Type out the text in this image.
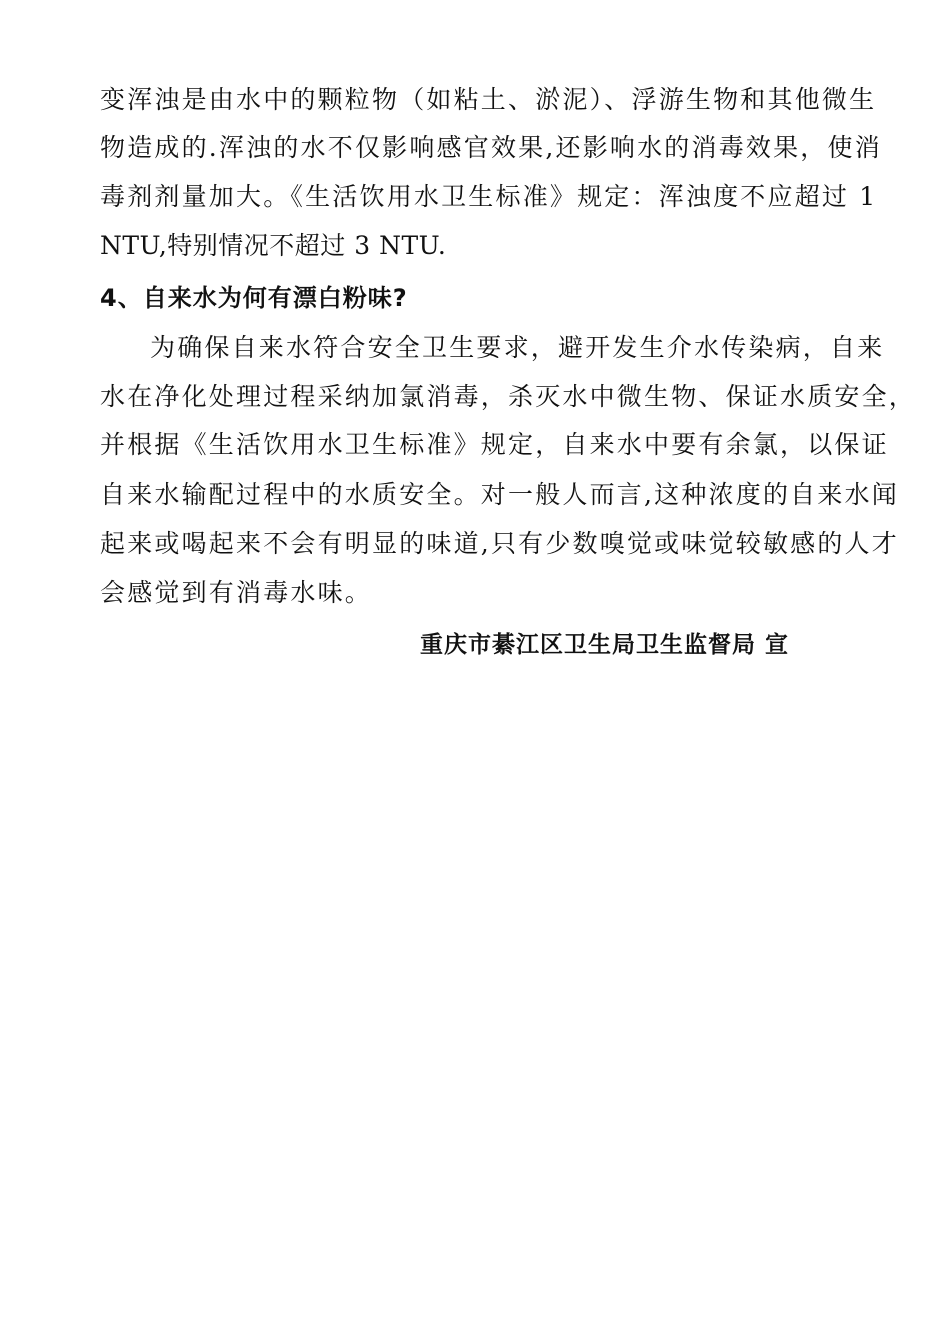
变浑浊是由水中的颗粒物（如粘土、淤泥）、浮游生物和其他微生
物造成的.浑浊的水不仅影响感官效果,还影响水的消毒效果，使消
毒剂剂量加大。《生活饮用水卫生标准》规定：浑浊度不应超过 1
NTU,特别情况不超过 3 NTU.
4、自来水为何有漂白粉味?
为确保自来水符合安全卫生要求，避开发生介水传染病，自来
水在净化处理过程采纳加氯消毒，杀灭水中微生物、保证水质安全，
并根据《生活饮用水卫生标准》规定，自来水中要有余氯，以保证
自来水输配过程中的水质安全。对一般人而言,这种浓度的自来水闻
起来或喝起来不会有明显的味道,只有少数嗅觉或味觉较敏感的人才
会感觉到有消毒水味。
重庆市綦江区卫生局卫生监督局 宣
